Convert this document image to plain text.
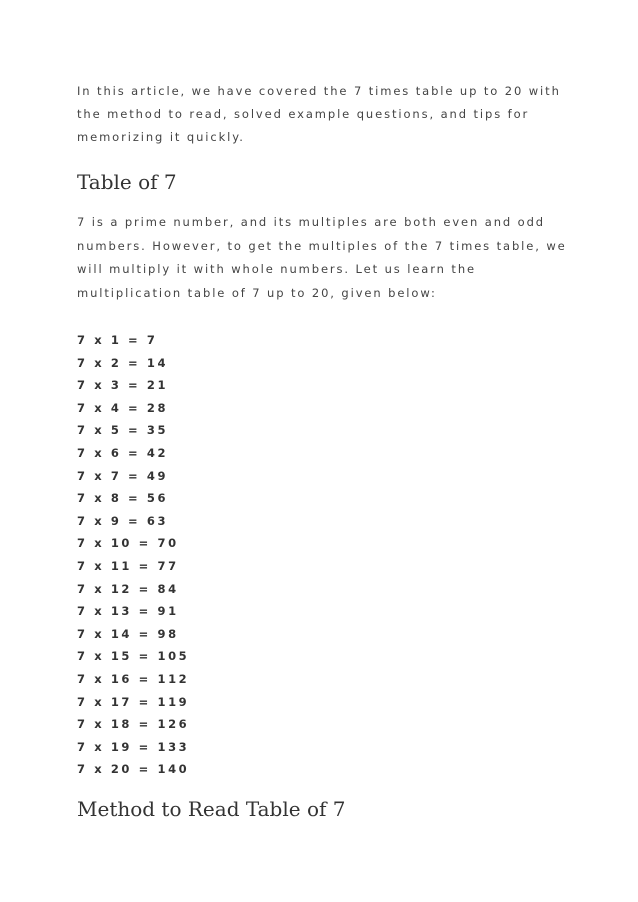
In this article, we have covered the 7 times table up to 20 with the method to read, solved example questions, and tips for memorizing it quickly.

Table of 7

7 is a prime number, and its multiples are both even and odd numbers. However, to get the multiples of the 7 times table, we will multiply it with whole numbers. Let us learn the multiplication table of 7 up to 20, given below:

7 x 1 = 7
7 x 2 = 14
7 x 3 = 21
7 x 4 = 28
7 x 5 = 35
7 x 6 = 42
7 x 7 = 49
7 x 8 = 56
7 x 9 = 63
7 x 10 = 70
7 x 11 = 77
7 x 12 = 84
7 x 13 = 91
7 x 14 = 98
7 x 15 = 105
7 x 16 = 112
7 x 17 = 119
7 x 18 = 126
7 x 19 = 133
7 x 20 = 140
Method to Read Table of 7
